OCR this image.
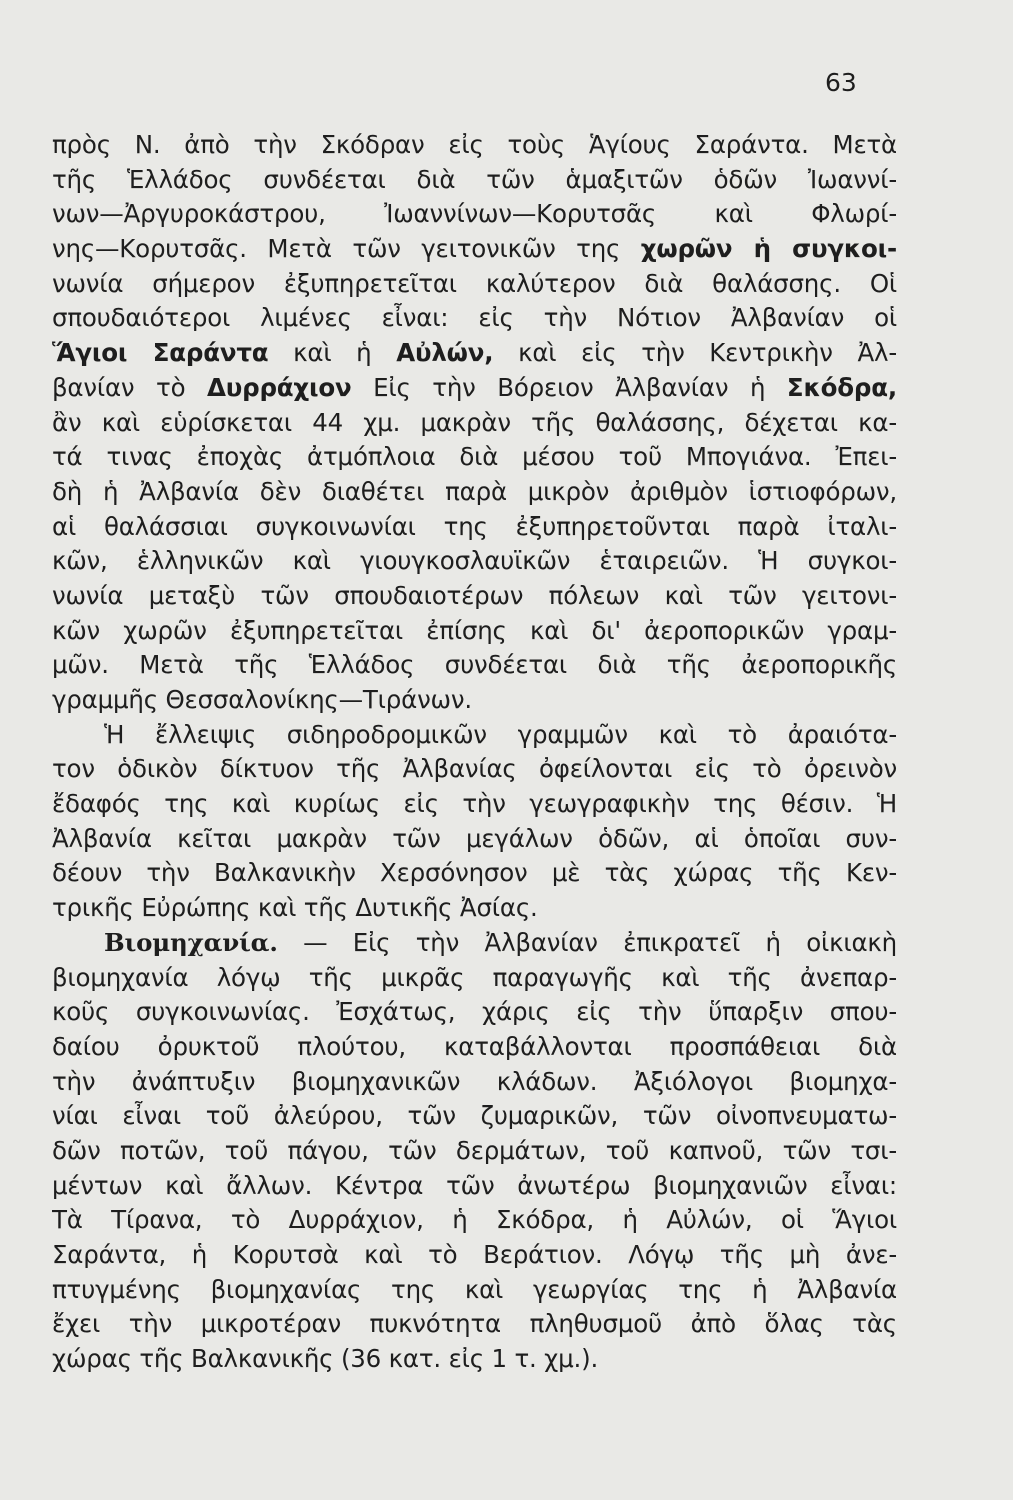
63
πρὸς Ν. ἀπὸ τὴν Σκόδραν εἰς τοὺς Ἁγίους Σαράντα. Μετὰ
τῆς Ἑλλάδος συνδέεται διὰ τῶν ἁμαξιτῶν ὁδῶν Ἰωαννί-
νων—Ἀργυροκάστρου, Ἰωαννίνων—Κορυτσᾶς καὶ Φλωρί-
νης—Κορυτσᾶς. Μετὰ τῶν γειτονικῶν της χωρῶν ἡ συγκοι-
νωνία σήμερον ἐξυπηρετεῖται καλύτερον διὰ θαλάσσης. Οἱ
σπουδαιότεροι λιμένες εἶναι: εἰς τὴν Νότιον Ἀλβανίαν οἱ
Ἅγιοι Σαράντα καὶ ἡ Αὐλών, καὶ εἰς τὴν Κεντρικὴν Ἀλ-
βανίαν τὸ Δυρράχιον Εἰς τὴν Βόρειον Ἀλβανίαν ἡ Σκόδρα,
ἂν καὶ εὑρίσκεται 44 χμ. μακρὰν τῆς θαλάσσης, δέχεται κα-
τά τινας ἐποχὰς ἀτμόπλοια διὰ μέσου τοῦ Μπογιάνα. Ἐπει-
δὴ ἡ Ἀλβανία δὲν διαθέτει παρὰ μικρὸν ἀριθμὸν ἱστιοφόρων,
αἱ θαλάσσιαι συγκοινωνίαι της ἐξυπηρετοῦνται παρὰ ἰταλι-
κῶν, ἑλληνικῶν καὶ γιουγκοσλαυϊκῶν ἑταιρειῶν. Ἡ συγκοι-
νωνία μεταξὺ τῶν σπουδαιοτέρων πόλεων καὶ τῶν γειτονι-
κῶν χωρῶν ἐξυπηρετεῖται ἐπίσης καὶ δι' ἀεροπορικῶν γραμ-
μῶν. Μετὰ τῆς Ἑλλάδος συνδέεται διὰ τῆς ἀεροπορικῆς
γραμμῆς Θεσσαλονίκης—Τιράνων.
Ἡ ἔλλειψις σιδηροδρομικῶν γραμμῶν καὶ τὸ ἀραιότα-
τον ὁδικὸν δίκτυον τῆς Ἀλβανίας ὀφείλονται εἰς τὸ ὀρεινὸν
ἔδαφός της καὶ κυρίως εἰς τὴν γεωγραφικὴν της θέσιν. Ἡ
Ἀλβανία κεῖται μακρὰν τῶν μεγάλων ὁδῶν, αἱ ὁποῖαι συν-
δέουν τὴν Βαλκανικὴν Χερσόνησον μὲ τὰς χώρας τῆς Κεν-
τρικῆς Εὐρώπης καὶ τῆς Δυτικῆς Ἀσίας.
Βιομηχανία. — Εἰς τὴν Ἀλβανίαν ἐπικρατεῖ ἡ οἰκιακὴ
βιομηχανία λόγῳ τῆς μικρᾶς παραγωγῆς καὶ τῆς ἀνεπαρ-
κοῦς συγκοινωνίας. Ἐσχάτως, χάρις εἰς τὴν ὕπαρξιν σπου-
δαίου ὀρυκτοῦ πλούτου, καταβάλλονται προσπάθειαι διὰ
τὴν ἀνάπτυξιν βιομηχανικῶν κλάδων. Ἀξιόλογοι βιομηχα-
νίαι εἶναι τοῦ ἀλεύρου, τῶν ζυμαρικῶν, τῶν οἰνοπνευματω-
δῶν ποτῶν, τοῦ πάγου, τῶν δερμάτων, τοῦ καπνοῦ, τῶν τσι-
μέντων καὶ ἄλλων. Κέντρα τῶν ἀνωτέρω βιομηχανιῶν εἶναι:
Τὰ Τίρανα, τὸ Δυρράχιον, ἡ Σκόδρα, ἡ Αὐλών, οἱ Ἅγιοι
Σαράντα, ἡ Κορυτσὰ καὶ τὸ Βεράτιον. Λόγῳ τῆς μὴ ἀνε-
πτυγμένης βιομηχανίας της καὶ γεωργίας της ἡ Ἀλβανία
ἔχει τὴν μικροτέραν πυκνότητα πληθυσμοῦ ἀπὸ ὅλας τὰς
χώρας τῆς Βαλκανικῆς (36 κατ. εἰς 1 τ. χμ.).
